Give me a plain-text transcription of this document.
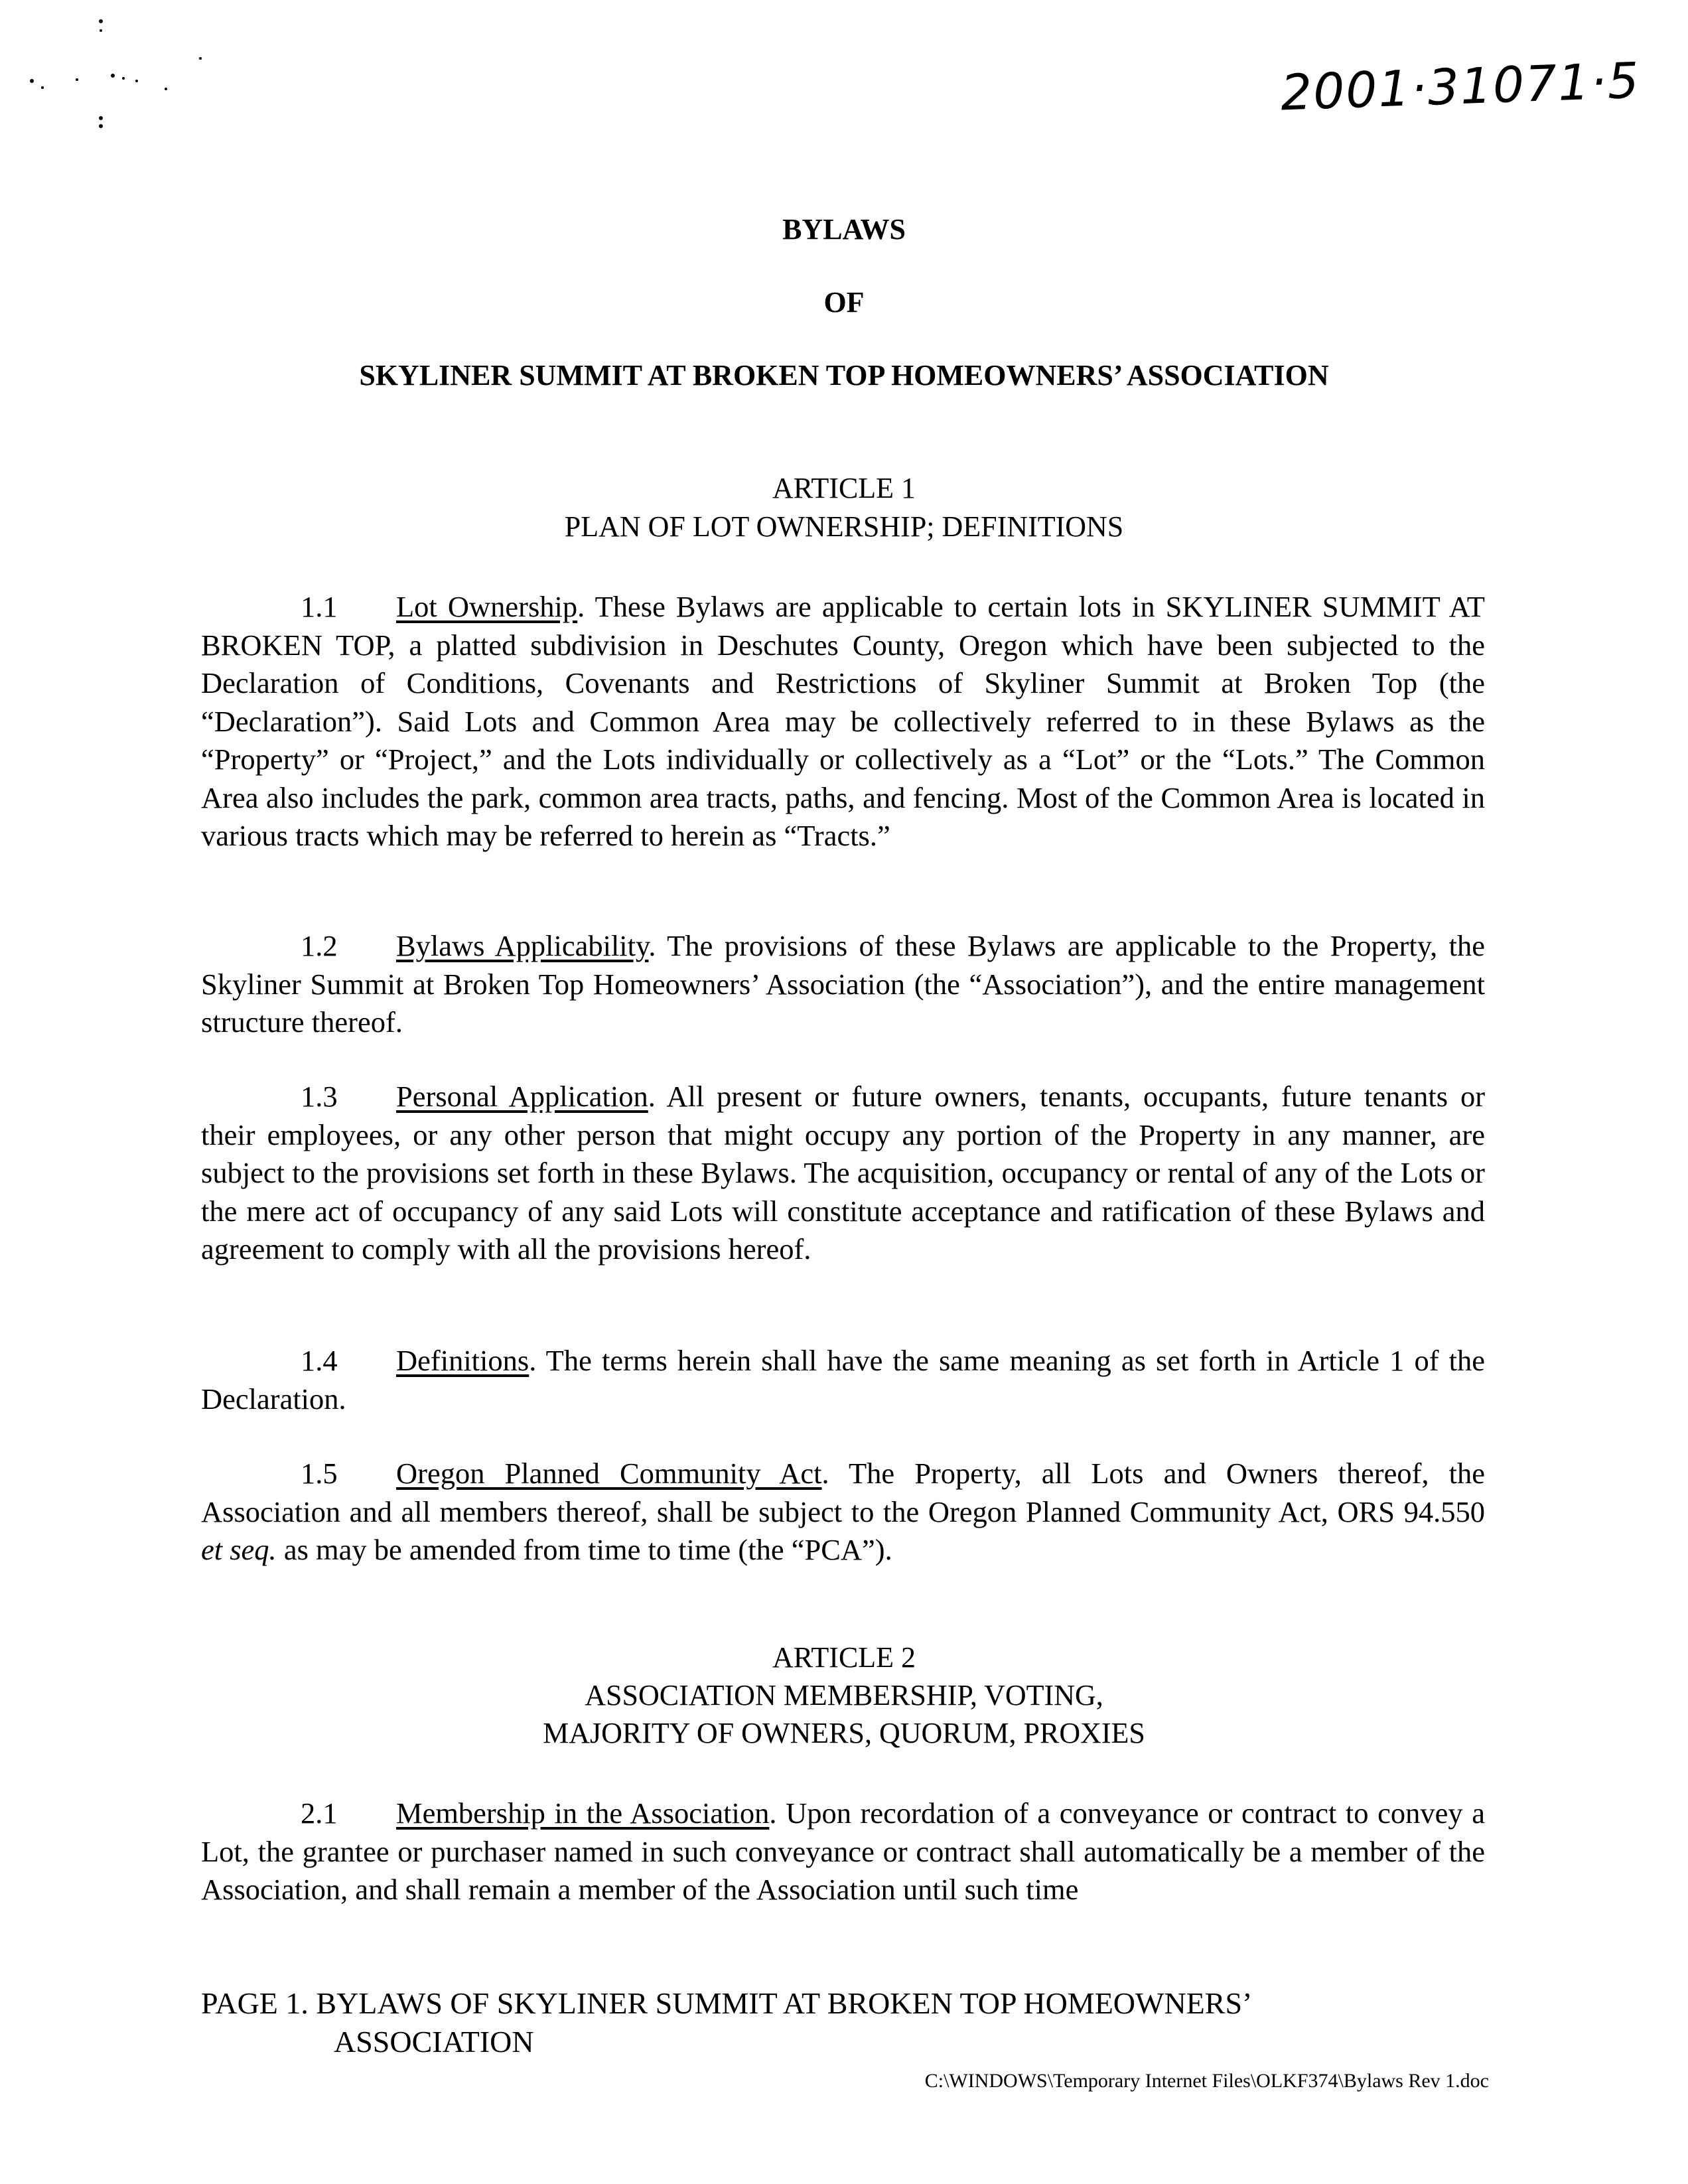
2001·31071·5
BYLAWS
OF
SKYLINER SUMMIT AT BROKEN TOP HOMEOWNERS’ ASSOCIATION
ARTICLE 1
PLAN OF LOT OWNERSHIP; DEFINITIONS

1.1 Lot Ownership. These Bylaws are applicable to certain lots in SKYLINER SUMMIT AT BROKEN TOP, a platted subdivision in Deschutes County, Oregon which have been subjected to the Declaration of Conditions, Covenants and Restrictions of Skyliner Summit at Broken Top (the “Declaration”). Said Lots and Common Area may be collectively referred to in these Bylaws as the “Property” or “Project,” and the Lots individually or collectively as a “Lot” or the “Lots.” The Common Area also includes the park, common area tracts, paths, and fencing. Most of the Common Area is located in various tracts which may be referred to herein as “Tracts.”

1.2 Bylaws Applicability. The provisions of these Bylaws are applicable to the Property, the Skyliner Summit at Broken Top Homeowners’ Association (the “Association”), and the entire management structure thereof.

1.3 Personal Application. All present or future owners, tenants, occupants, future tenants or their employees, or any other person that might occupy any portion of the Property in any manner, are subject to the provisions set forth in these Bylaws. The acquisition, occupancy or rental of any of the Lots or the mere act of occupancy of any said Lots will constitute acceptance and ratification of these Bylaws and agreement to comply with all the provisions hereof.

1.4 Definitions. The terms herein shall have the same meaning as set forth in Article 1 of the Declaration.

1.5 Oregon Planned Community Act. The Property, all Lots and Owners thereof, the Association and all members thereof, shall be subject to the Oregon Planned Community Act, ORS 94.550 et seq. as may be amended from time to time (the “PCA”).

ARTICLE 2
ASSOCIATION MEMBERSHIP, VOTING,
MAJORITY OF OWNERS, QUORUM, PROXIES

2.1 Membership in the Association. Upon recordation of a conveyance or contract to convey a Lot, the grantee or purchaser named in such conveyance or contract shall automatically be a member of the Association, and shall remain a member of the Association until such time

PAGE 1. BYLAWS OF SKYLINER SUMMIT AT BROKEN TOP HOMEOWNERS’
ASSOCIATION
C:\WINDOWS\Temporary Internet Files\OLKF374\Bylaws Rev 1.doc
